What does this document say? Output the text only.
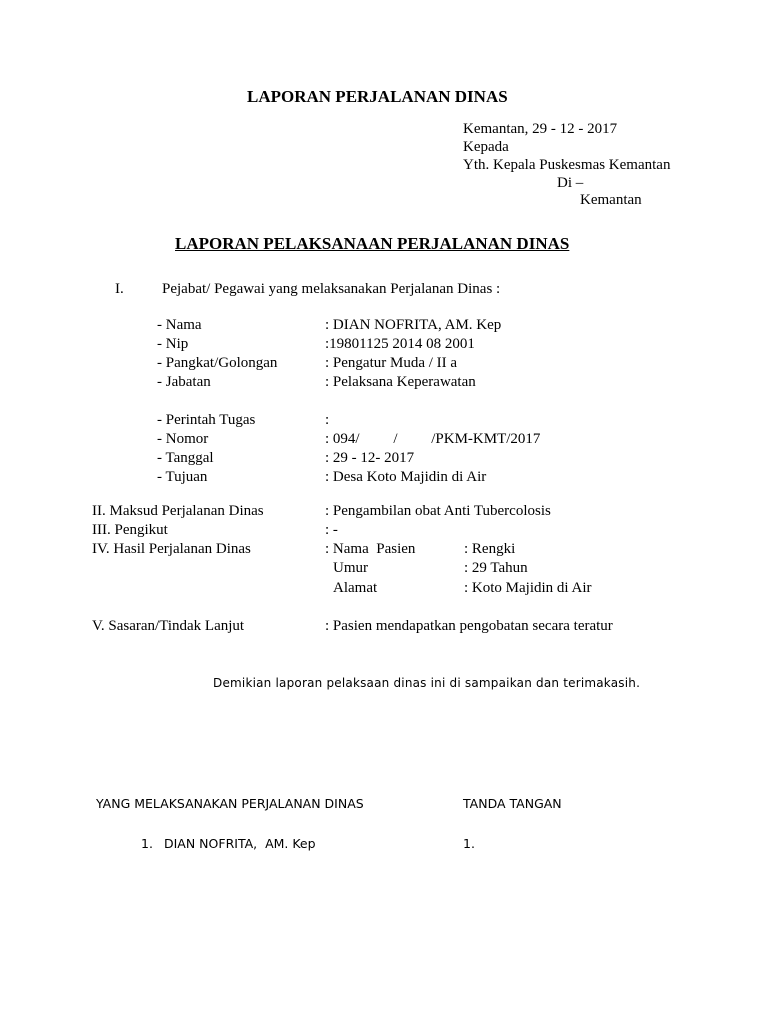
LAPORAN PERJALANAN DINAS
Kemantan, 29 - 12 - 2017
Kepada
Yth. Kepala Puskesmas Kemantan
Di –
Kemantan
LAPORAN PELAKSANAAN PERJALANAN DINAS
I.	Pejabat/ Pegawai yang melaksanakan Perjalanan Dinas :
- Nama	: DIAN NOFRITA, AM. Kep
- Nip	:19801125 2014 08 2001
- Pangkat/Golongan	: Pengatur Muda / II a
- Jabatan	: Pelaksana Keperawatan
- Perintah Tugas	:
- Nomor	: 094/         /         /PKM-KMT/2017
- Tanggal	: 29 - 12- 2017
- Tujuan	: Desa Koto Majidin di Air
II. Maksud Perjalanan Dinas	: Pengambilan obat Anti Tubercolosis
III. Pengikut	: -
IV. Hasil Perjalanan Dinas	: Nama  Pasien	: Rengki
Umur	: 29 Tahun
Alamat	: Koto Majidin di Air
V. Sasaran/Tindak Lanjut	: Pasien mendapatkan pengobatan secara teratur
Demikian laporan pelaksaan dinas ini di sampaikan dan terimakasih.
YANG MELAKSANAKAN PERJALANAN DINAS	TANDA TANGAN
1. DIAN NOFRITA,  AM. Kep	1.
